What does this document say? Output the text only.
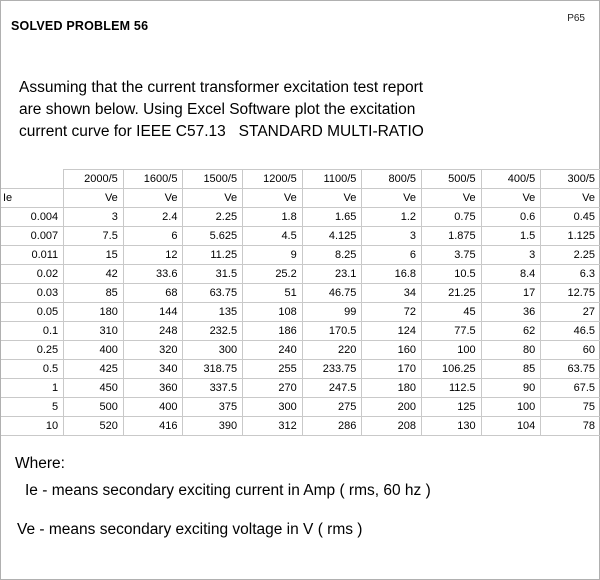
SOLVED PROBLEM 56
P65
Assuming that the current transformer excitation test report
are shown below. Using Excel Software plot the excitation
current curve for IEEE C57.13   STANDARD MULTI-RATIO
	2000/5	1600/5	1500/5	1200/5	1100/5	800/5	500/5	400/5	300/5
Ie	Ve	Ve	Ve	Ve	Ve	Ve	Ve	Ve	Ve
0.004	3	2.4	2.25	1.8	1.65	1.2	0.75	0.6	0.45
0.007	7.5	6	5.625	4.5	4.125	3	1.875	1.5	1.125
0.011	15	12	11.25	9	8.25	6	3.75	3	2.25
0.02	42	33.6	31.5	25.2	23.1	16.8	10.5	8.4	6.3
0.03	85	68	63.75	51	46.75	34	21.25	17	12.75
0.05	180	144	135	108	99	72	45	36	27
0.1	310	248	232.5	186	170.5	124	77.5	62	46.5
0.25	400	320	300	240	220	160	100	80	60
0.5	425	340	318.75	255	233.75	170	106.25	85	63.75
1	450	360	337.5	270	247.5	180	112.5	90	67.5
5	500	400	375	300	275	200	125	100	75
10	520	416	390	312	286	208	130	104	78
Where:
Ie - means secondary exciting current in Amp ( rms, 60 hz )
Ve - means secondary exciting voltage in V ( rms )
